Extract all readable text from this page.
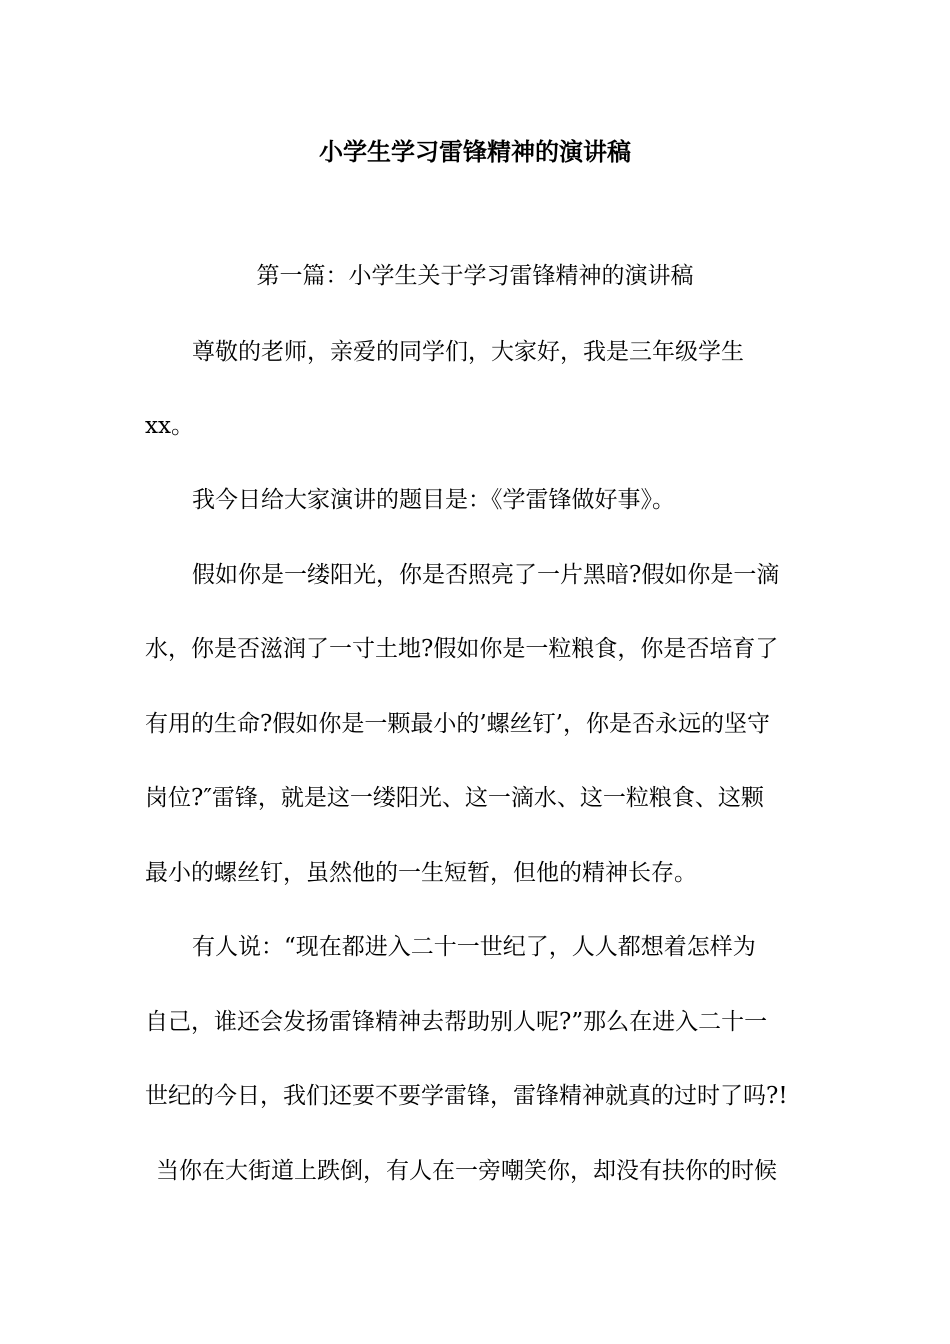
小学生学习雷锋精神的演讲稿

第一篇：小学生关于学习雷锋精神的演讲稿

尊敬的老师，亲爱的同学们，大家好，我是三年级学生

xx。

我今日给大家演讲的题目是：《学雷锋做好事》。

假如你是一缕阳光，你是否照亮了一片黑暗?假如你是一滴

水，你是否滋润了一寸土地?假如你是一粒粮食，你是否培育了

有用的生命?假如你是一颗最小的’螺丝钉’，你是否永远的坚守

岗位?″雷锋，就是这一缕阳光、这一滴水、这一粒粮食、这颗

最小的螺丝钉，虽然他的一生短暂，但他的精神长存。

有人说：“现在都进入二十一世纪了，人人都想着怎样为

自己，谁还会发扬雷锋精神去帮助别人呢?”那么在进入二十一

世纪的今日，我们还要不要学雷锋，雷锋精神就真的过时了吗?!

当你在大街道上跌倒，有人在一旁嘲笑你，却没有扶你的时候
